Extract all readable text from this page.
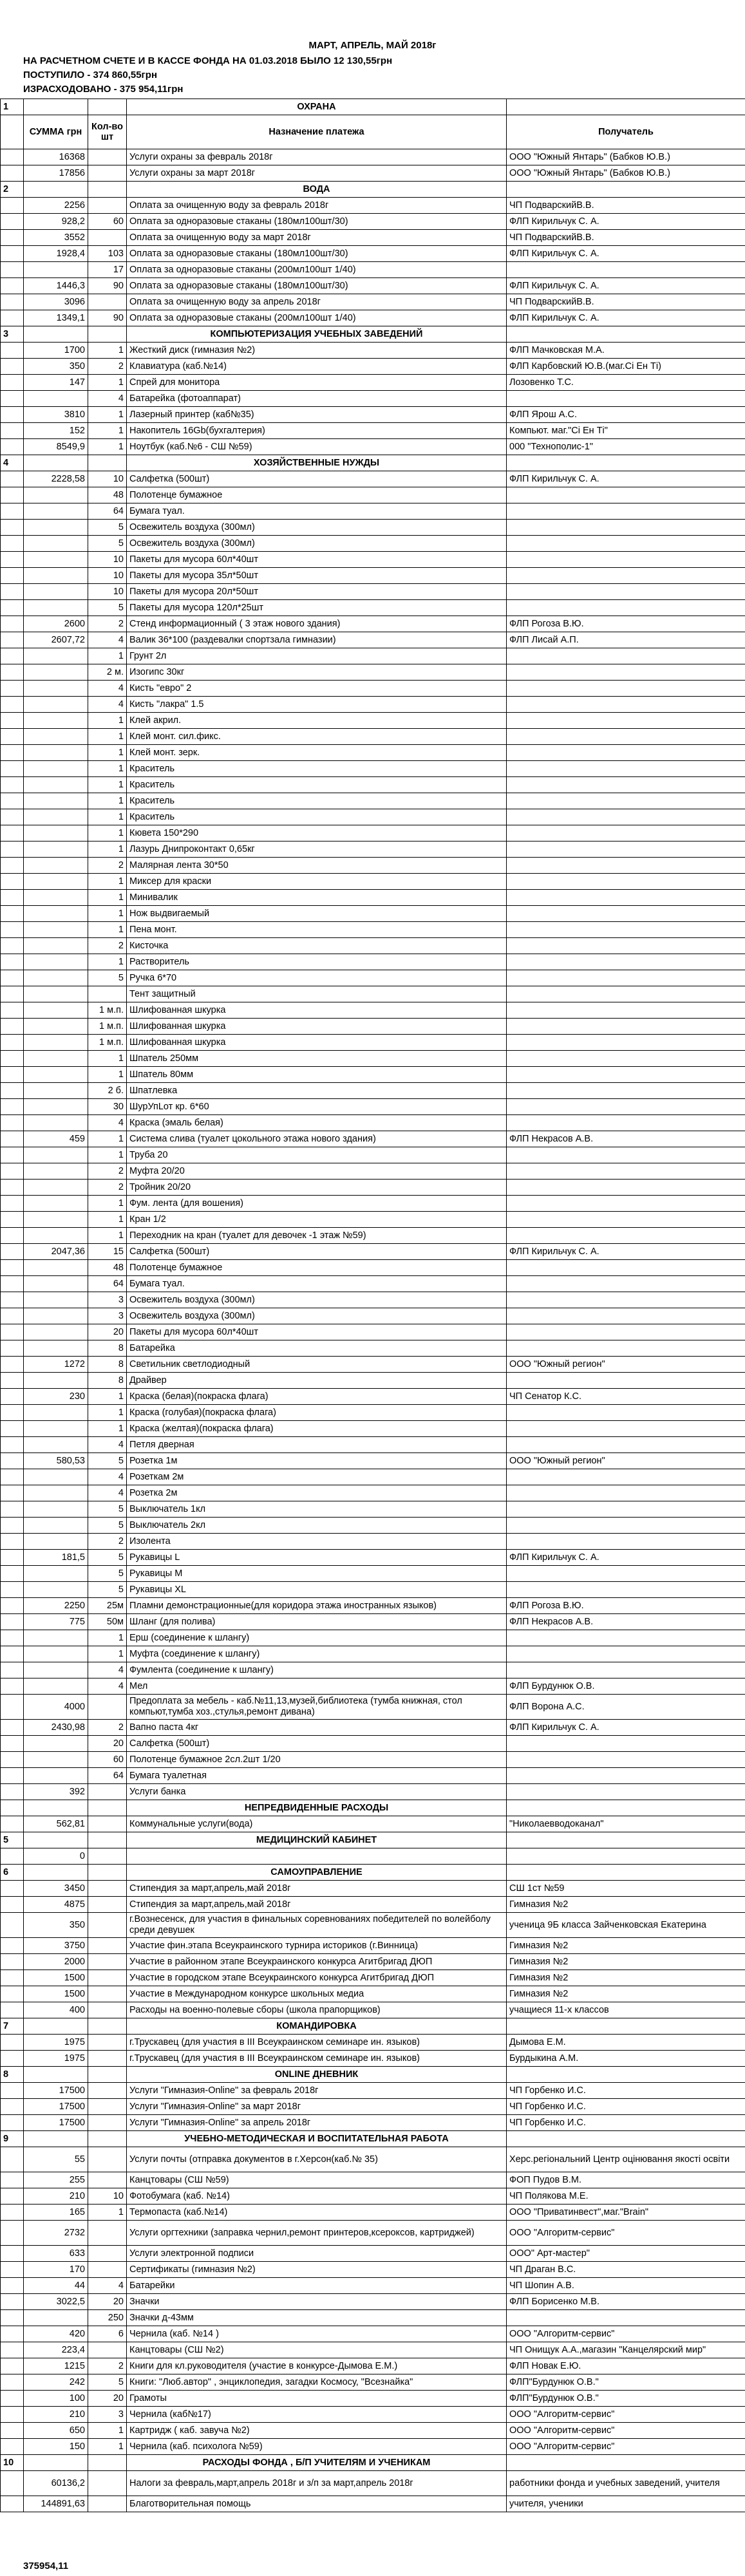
МАРТ, АПРЕЛЬ, МАЙ 2018г
НА РАСЧЕТНОМ СЧЕТЕ И В КАССЕ ФОНДА НА 01.03.2018 БЫЛО 12 130,55грн
ПОСТУПИЛО - 374 860,55грн
ИЗРАСХОДОВАНО - 375 954,11грн
1			ОХРАНА	
	СУММА грн	Кол-во шт	Назначение платежа	Получатель
	16368		Услуги охраны за февраль 2018г	ООО "Южный Янтарь" (Бабков Ю.В.)
	17856		Услуги охраны за март 2018г	ООО "Южный Янтарь" (Бабков Ю.В.)
2			ВОДА	
	2256		Оплата за очищенную воду за февраль 2018г	ЧП ПодварскийВ.В.
	928,2	60	Оплата за одноразовые стаканы (180мл100шт/30)	ФЛП Кирильчук С. А.
	3552		Оплата за очищенную воду за март 2018г	ЧП ПодварскийВ.В.
	1928,4	103	Оплата за одноразовые стаканы (180мл100шт/30)	ФЛП Кирильчук С. А.
		17	Оплата за одноразовые стаканы (200мл100шт 1/40)	
	1446,3	90	Оплата за одноразовые стаканы (180мл100шт/30)	ФЛП Кирильчук С. А.
	3096		Оплата за очищенную воду за апрель 2018г	ЧП ПодварскийВ.В.
	1349,1	90	Оплата за одноразовые стаканы (200мл100шт 1/40)	ФЛП Кирильчук С. А.
3			КОМПЬЮТЕРИЗАЦИЯ УЧЕБНЫХ ЗАВЕДЕНИЙ	
	1700	1	Жесткий диск (гимназия №2)	ФЛП Мачковская М.А.
	350	2	Клавиатура (каб.№14)	ФЛП Карбовский Ю.В.(маг.Сі Ен Ті)
	147	1	Спрей для монитора	Лозовенко Т.С.
		4	Батарейка (фотоаппарат)	
	3810	1	Лазерный принтер (каб№35)	ФЛП Ярош А.С.
	152	1	Накопитель 16Gb(бухгалтерия)	Компьют. маг."Сі Ен Ті"
	8549,9	1	Ноутбук (каб.№6 - СШ №59)	000 "Технополис-1"
4			ХОЗЯЙСТВЕННЫЕ НУЖДЫ	
	2228,58	10	Салфетка (500шт)	ФЛП Кирильчук С. А.
		48	Полотенце бумажное	
		64	Бумага туал.	
		5	Освежитель воздуха (300мл)	
		5	Освежитель воздуха (300мл)	
		10	Пакеты для мусора 60л*40шт	
		10	Пакеты для мусора 35л*50шт	
		10	Пакеты для мусора 20л*50шт	
		5	Пакеты для мусора 120л*25шт	
	2600	2	Стенд информационный ( 3 этаж нового здания)	ФЛП Рогоза В.Ю.
	2607,72	4	Валик 36*100 (раздевалки спортзала гимназии)	ФЛП Лисай А.П.
		1	Грунт 2л	
		2 м.	Изогипс 30кг	
		4	Кисть "евро" 2	
		4	Кисть "лакра" 1.5	
		1	Клей акрил.	
		1	Клей монт. сил.фикс.	
		1	Клей монт. зерк.	
		1	Краситель	
		1	Краситель	
		1	Краситель	
		1	Краситель	
		1	Кювета 150*290	
		1	Лазурь Днипроконтакт 0,65кг	
		2	Малярная лента 30*50	
		1	Миксер для краски	
		1	Минивалик	
		1	Нож выдвигаемый	
		1	Пена монт.	
		2	Кисточка	
		1	Растворитель	
		5	Ручка 6*70	
			Тент защитный	
		1 м.п.	Шлифованная шкурка	
		1 м.п.	Шлифованная шкурка	
		1 м.п.	Шлифованная шкурка	
		1	Шпатель 250мм	
		1	Шпатель 80мм	
		2 б.	Шпатлевка	
		30	ШурУпLот кр. 6*60	
		4	Краска (эмаль белая)	
	459	1	Система слива (туалет цокольного этажа нового здания)	ФЛП Некрасов А.В.
		1	Труба 20	
		2	Муфта 20/20	
		2	Тройник 20/20	
		1	Фум. лента (для вошения)	
		1	Кран 1/2	
		1	Переходник на кран (туалет для девочек -1 этаж №59)	
	2047,36	15	Салфетка (500шт)	ФЛП Кирильчук С. А.
		48	Полотенце бумажное	
		64	Бумага туал.	
		3	Освежитель воздуха (300мл)	
		3	Освежитель воздуха (300мл)	
		20	Пакеты для мусора 60л*40шт	
		8	Батарейка	
	1272	8	Светильник светлодиодный	ООО "Южный регион"
		8	Драйвер	
	230	1	Краска (белая)(покраска флага)	ЧП Сенатор К.С.
		1	Краска (голубая)(покраска флага)	
		1	Краска (желтая)(покраска флага)	
		4	Петля дверная	
	580,53	5	Розетка 1м	ООО "Южный регион"
		4	Розеткам 2м	
		4	Розетка 2м	
		5	Выключатель 1кл	
		5	Выключатель 2кл	
		2	Изолента	
	181,5	5	Рукавицы L	ФЛП Кирильчук С. А.
		5	Рукавицы M	
		5	Рукавицы XL	
	2250	25м	Пламни демонстрационные(для коридора этажа иностранных языков)	ФЛП Рогоза В.Ю.
	775	50м	Шланг (для полива)	ФЛП Некрасов А.В.
		1	Ерш (соединение к шлангу)	
		1	Муфта (соединение к шлангу)	
		4	Фумлента (соединение к шлангу)	
		4	Мел	ФЛП Бурдунюк О.В.
	4000		Предоплата за мебель - каб.№11,13,музей,библиотека (тумба книжная, стол компьют,тумба хоз.,стулья,ремонт дивана)	ФЛП Ворона А.С.
	2430,98	2	Вапно паста 4кг	ФЛП Кирильчук С. А.
		20	Салфетка (500шт)	
		60	Полотенце бумажное 2сл.2шт 1/20	
		64	Бумага туалетная	
	392		Услуги банка	
			НЕПРЕДВИДЕННЫЕ РАСХОДЫ	
	562,81		Коммунальные услуги(вода)	"Николаевводоканал"
5			МЕДИЦИНСКИЙ КАБИНЕТ	
	0			
6			САМОУПРАВЛЕНИЕ	
	3450		Стипендия за март,апрель,май 2018г	СШ 1ст №59
	4875		Стипендия за март,апрель,май 2018г	Гимназия №2
	350		г.Вознесенск, для участия в финальных соревнованиях победителей по волейболу среди девушек	ученица 9Б класса Зайченковская Екатерина
	3750		Участие фин.этапа Всеукраинского турнира историков (г.Винница)	Гимназия №2
	2000		Участие в районном этапе Всеукраинского конкурса Агитбригад ДЮП	Гимназия №2
	1500		Участие в городском этапе Всеукраинского конкурса Агитбригад ДЮП	Гимназия №2
	1500		Участие в Международном конкурсе школьных медиа	Гимназия №2
	400		Расходы на военно-полевые сборы (школа прапорщиков)	учащиеся 11-х классов
7			КОМАНДИРОВКА	
	1975		г.Трускавец (для участия в III Всеукраинском семинаре ин. языков)	Дымова Е.М.
	1975		г.Трускавец (для участия в III Всеукраинском семинаре ин. языков)	Бурдыкина А.М.
8			ONLINE ДНЕВНИК	
	17500		Услуги "Гимназия-Online" за февраль 2018г	ЧП Горбенко И.С.
	17500		Услуги "Гимназия-Online" за март 2018г	ЧП Горбенко И.С.
	17500		Услуги "Гимназия-Online" за апрель 2018г	ЧП Горбенко И.С.
9			УЧЕБНО-МЕТОДИЧЕСКАЯ И ВОСПИТАТЕЛЬНАЯ РАБОТА	
	55		Услуги почты (отправка документов в г.Херсон(каб.№ 35)	Херс.регіональний Центр оцінювання якості освіти
	255		Канцтовары (СШ №59)	ФОП Пудов В.М.
	210	10	Фотобумага (каб. №14)	ЧП Полякова М.Е.
	165	1	Термопаста (каб.№14)	ООО "Приватинвест",маг."Brain"
	2732		Услуги оргтехники (заправка чернил,ремонт принтеров,ксероксов, картриджей)	ООО "Алгоритм-сервис"
	633		Услуги электронной подписи	ООО" Арт-мастер"
	170		Сертификаты (гимназия №2)	ЧП Драган В.С.
	44	4	Батарейки	ЧП Шопин А.В.
	3022,5	20	Значки	ФЛП Борисенко М.В.
		250	Значки д-43мм	
	420	6	Чернила (каб. №14 )	ООО "Алгоритм-сервис"
	223,4		Канцтовары (СШ №2)	ЧП Онищук А.А.,магазин "Канцелярский мир"
	1215	2	Книги для кл.руководителя (участие в конкурсе-Дымова Е.М.)	ФЛП Новак Е.Ю.
	242	5	Книги: "Люб.автор" , энциклопедия, загадки Космосу, "Всезнайка"	ФЛП"Бурдунюк О.В."
	100	20	Грамоты	ФЛП"Бурдунюк О.В."
	210	3	Чернила (каб№17)	ООО "Алгоритм-сервис"
	650	1	Картридж ( каб. завуча №2)	ООО "Алгоритм-сервис"
	150	1	Чернила (каб. психолога №59)	ООО "Алгоритм-сервис"
10			РАСХОДЫ ФОНДА , Б/П УЧИТЕЛЯМ И УЧЕНИКАМ	
	60136,2		Налоги за февраль,март,апрель 2018г и з/п за март,апрель 2018г	работники фонда и учебных заведений, учителя
	144891,63		Благотворительная помощь	учителя, ученики
375954,11
